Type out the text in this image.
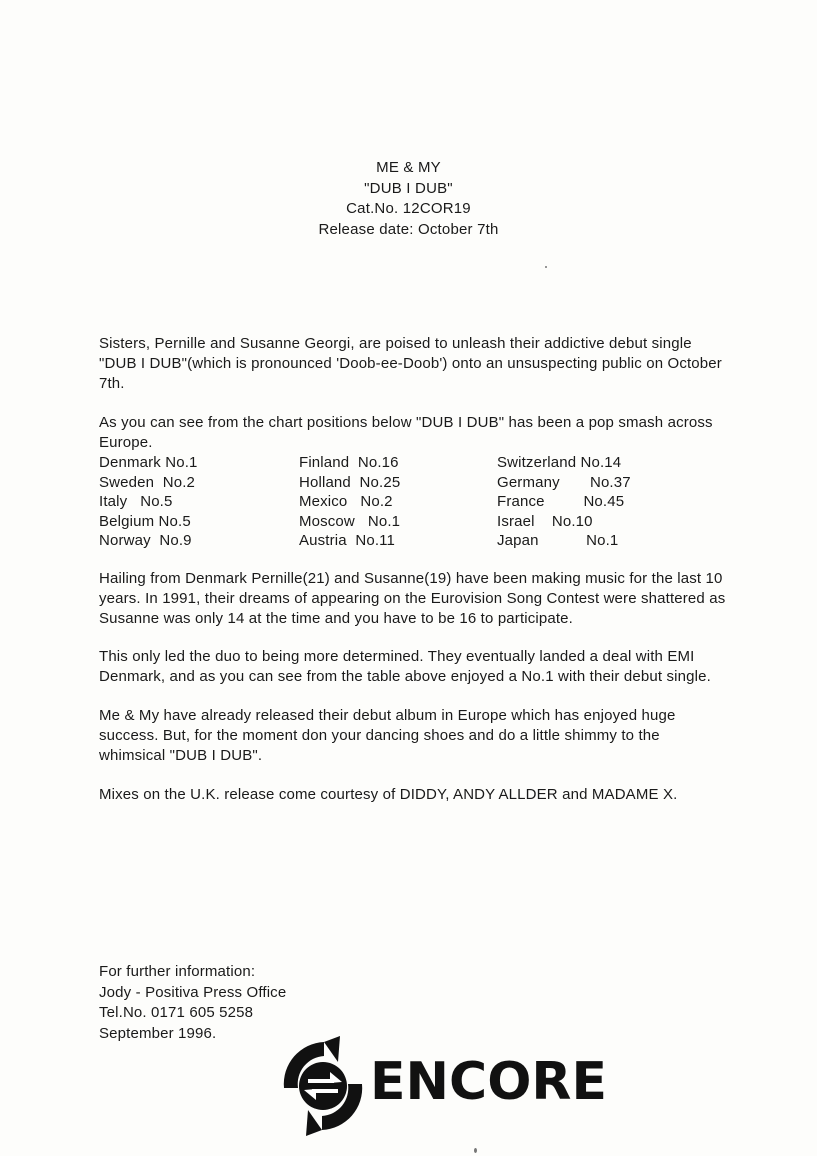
ME & MY
"DUB I DUB"
Cat.No. 12COR19
Release date: October 7th

Sisters, Pernille and Susanne Georgi, are poised to unleash their addictive debut single "DUB I DUB"(which is pronounced 'Doob-ee-Doob') onto an unsuspecting public on October 7th.

As you can see from the chart positions below "DUB I DUB" has been a pop smash across Europe.

Denmark No.1
Sweden  No.2
Italy   No.5
Belgium No.5
Norway  No.9
Finland  No.16
Holland  No.25
Mexico   No.2
Moscow   No.1
Austria  No.11
Switzerland No.14
Germany       No.37
France         No.45
Israel    No.10
Japan           No.1

Hailing from Denmark Pernille(21) and Susanne(19) have been making music for the last 10 years. In 1991, their dreams of appearing on the Eurovision Song Contest were shattered as Susanne was only 14 at the time and you have to be 16 to participate.

This only led the duo to being more determined. They eventually landed a deal with EMI Denmark, and as you can see from the table above enjoyed a No.1 with their debut single.

Me & My have already released their debut album in Europe which has enjoyed huge success. But, for the moment don your dancing shoes and do a little shimmy to the whimsical "DUB I DUB".

Mixes on the U.K. release come courtesy of DIDDY, ANDY ALLDER and MADAME X.

For further information:
Jody - Positiva Press Office
Tel.No. 0171 605 5258
September 1996.
ENCORE
